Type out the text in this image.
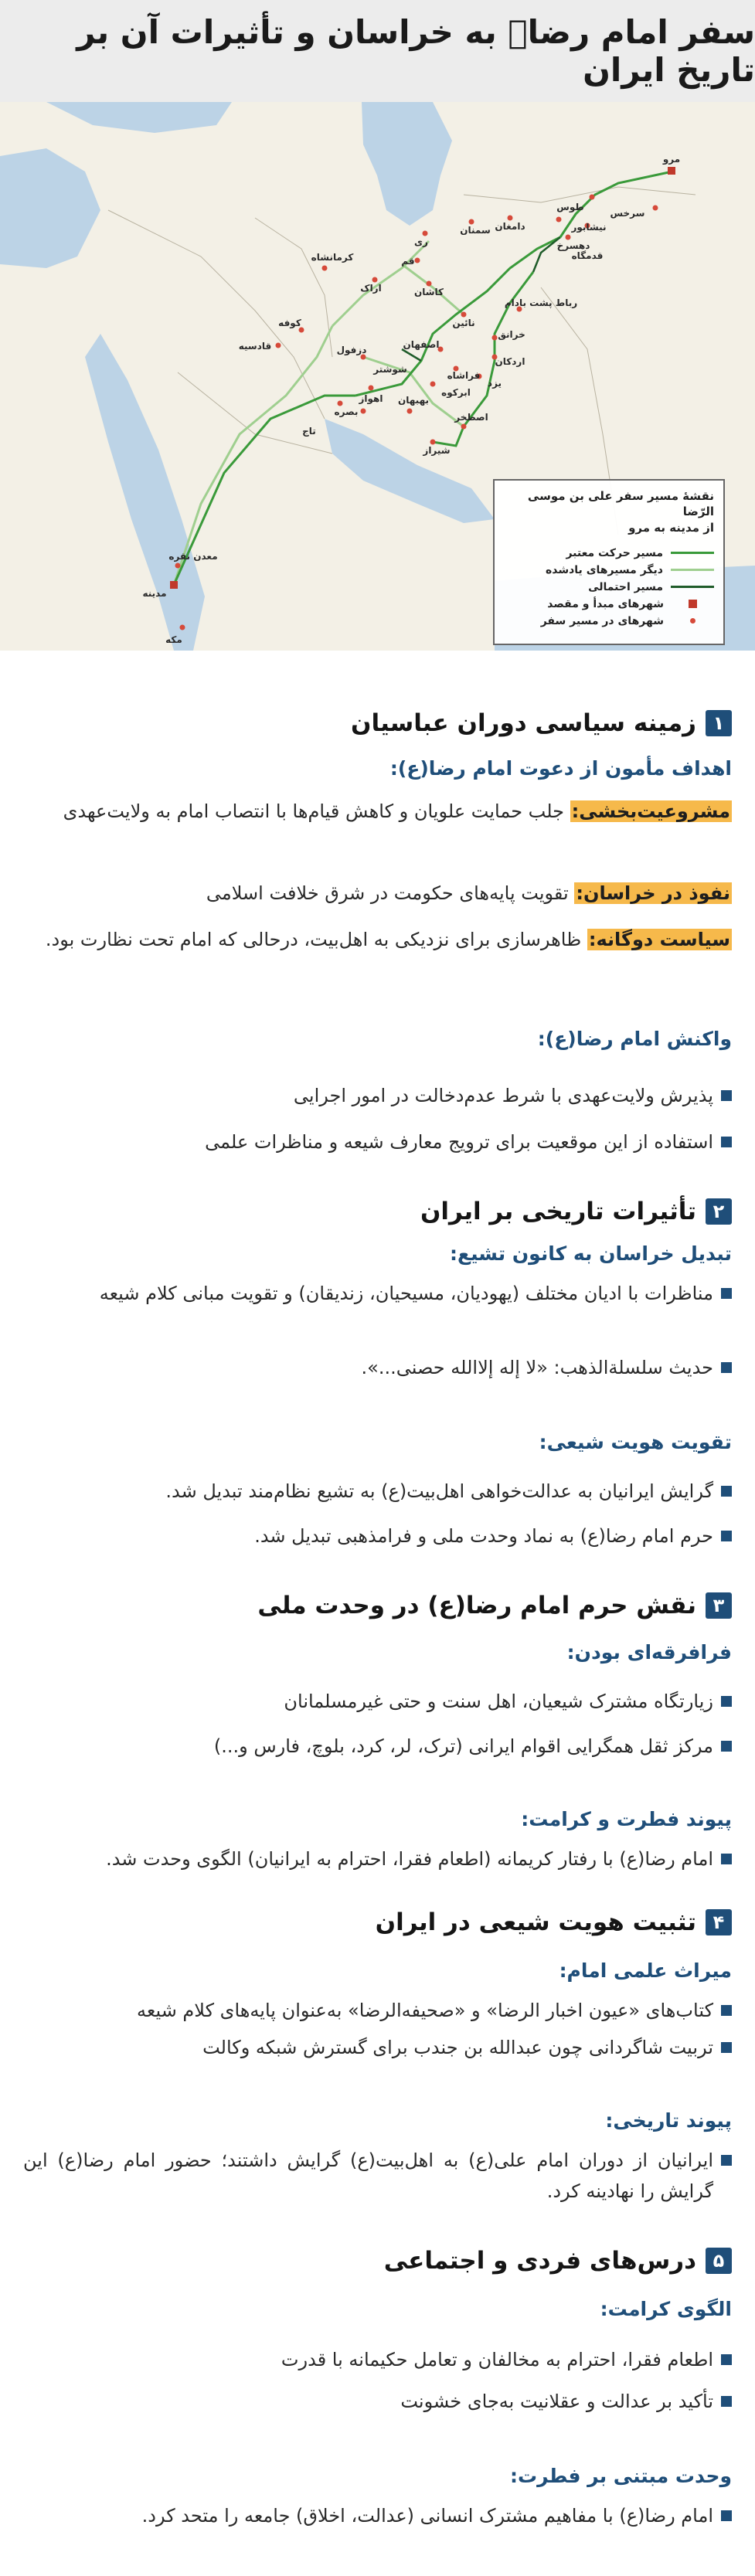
سفر امام رضاؑ به خراسان و تأثیرات آن بر تاریخ ایران
مرو
سرخس
طوس
نیشابور
دهسرخ
قدمگاه
دامغان
سمنان
ری
قم
کاشان
اراک
کرمانشاه
رباط پشت بادام
نائین
خرانق
اردکان
یزد
اصفهان
فراشاه
ابرکوه
دزفول
شوشتر
اهواز بهبهان
اصطخر
شیراز
بصره
کوفه
قادسیه
تاج
معدن نقره
مدینه
مکه
نقشهٔ مسیر سفر علی بن موسی الرّضا
از مدینه به مرو
مسیر حرکت معتبر
دیگر مسیرهای یادشده
مسیر احتمالی
شهرهای مبدأ و مقصد
شهرهای در مسیر سفر
۱
زمینه سیاسی دوران عباسیان
اهداف مأمون از دعوت امام رضا(ع):
مشروعیت‌بخشی: جلب حمایت علویان و کاهش قیام‌ها با انتصاب امام به ولایت‌عهدی
نفوذ در خراسان: تقویت پایه‌های حکومت در شرق خلافت اسلامی
سیاست دوگانه: ظاهرسازی برای نزدیکی به اهل‌بیت، درحالی که امام تحت نظارت بود.
واکنش امام رضا(ع):
پذیرش ولایت‌عهدی با شرط عدم‌دخالت در امور اجرایی
استفاده از این موقعیت برای ترویج معارف شیعه و مناظرات علمی
۲
تأثیرات تاریخی بر ایران
تبدیل خراسان به کانون تشیع:
مناظرات با ادیان مختلف (یهودیان، مسیحیان، زندیقان) و تقویت مبانی کلام شیعه
حدیث سلسلةالذهب: «لا إله إلاالله حصنی...».
تقویت هویت شیعی:
گرایش ایرانیان به عدالت‌خواهی اهل‌بیت(ع) به تشیع نظام‌مند تبدیل شد.
حرم امام رضا(ع) به نماد وحدت ملی و فرامذهبی تبدیل شد.
۳
نقش حرم امام رضا(ع) در وحدت ملی
فرافرقه‌ای بودن:
زیارتگاه مشترک شیعیان، اهل سنت و حتی غیرمسلمانان
مرکز ثقل همگرایی اقوام ایرانی (ترک، لر، کرد، بلوچ، فارس و...)
پیوند فطرت و کرامت:
امام رضا(ع) با رفتار کریمانه (اطعام فقرا، احترام به ایرانیان) الگوی وحدت شد.
۴
تثبیت هویت شیعی در ایران
میراث علمی امام:
کتاب‌های «عیون اخبار الرضا» و «صحیفه‌الرضا» به‌عنوان پایه‌های کلام شیعه
تربیت شاگردانی چون عبدالله بن جندب برای گسترش شبکه وکالت
پیوند تاریخی:
ایرانیان از دوران امام علی(ع) به اهل‌بیت(ع) گرایش داشتند؛ حضور امام رضا(ع) این گرایش را نهادینه کرد.
۵
درس‌های فردی و اجتماعی
الگوی کرامت:
اطعام فقرا، احترام به مخالفان و تعامل حکیمانه با قدرت
تأکید بر عدالت و عقلانیت به‌جای خشونت
وحدت مبتنی بر فطرت:
امام رضا(ع) با مفاهیم مشترک انسانی (عدالت، اخلاق) جامعه را متحد کرد.
